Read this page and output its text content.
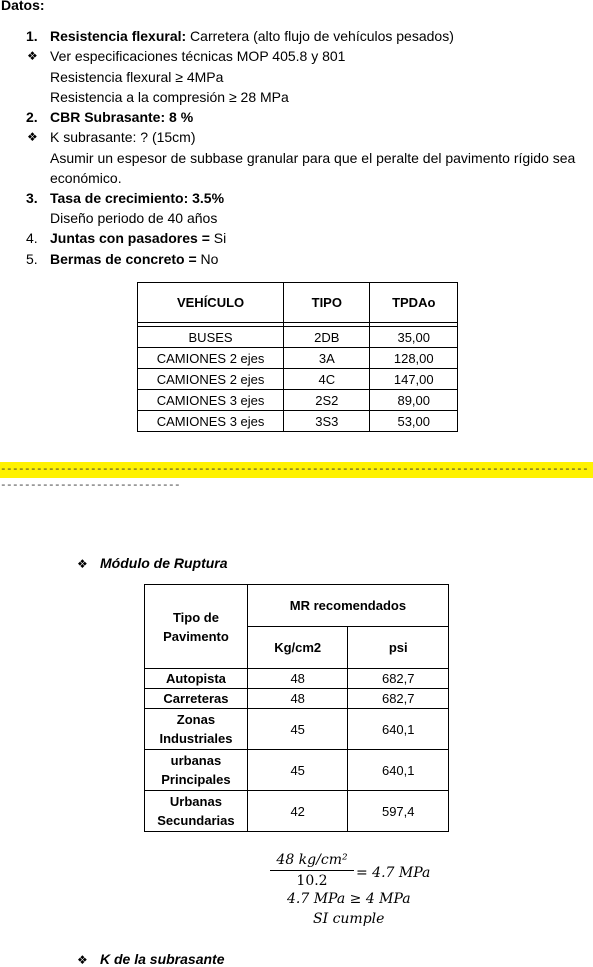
Datos:
1. Resistencia flexural: Carretera (alto flujo de vehículos pesados)
❖ Ver especificaciones técnicas MOP 405.8 y 801
Resistencia flexural ≥ 4MPa
Resistencia a la compresión ≥ 28 MPa
2. CBR Subrasante: 8 %
❖ K subrasante: ? (15cm)
Asumir un espesor de subbase granular para que el peralte del pavimento rígido sea
económico.
3. Tasa de crecimiento: 3.5%
Diseño periodo de 40 años
4. Juntas con pasadores = Si
5. Bermas de concreto = No
VEHÍCULO	TIPO	TPDAo

BUSES	2DB	35,00
CAMIONES 2 ejes	3A	128,00
CAMIONES 2 ejes	4C	147,00
CAMIONES 3 ejes	2S2	89,00
CAMIONES 3 ejes	3S3	53,00
--------------------------------------------------------------------------------------------------------------------------------
❖ Módulo de Ruptura
Tipo de Pavimento	MR recomendados	
	Kg/cm2	psi
Autopista	48	682,7
Carreteras	48	682,7

Zonas Industriales	45	640,1

urbanas Principales	45	640,1

Urbanas Secundarias	42	597,4
48 kg/cm²
10.2	= 4.7 MPa
4.7 MPa ≥ 4 MPa
SI cumple
❖ K de la subrasante
